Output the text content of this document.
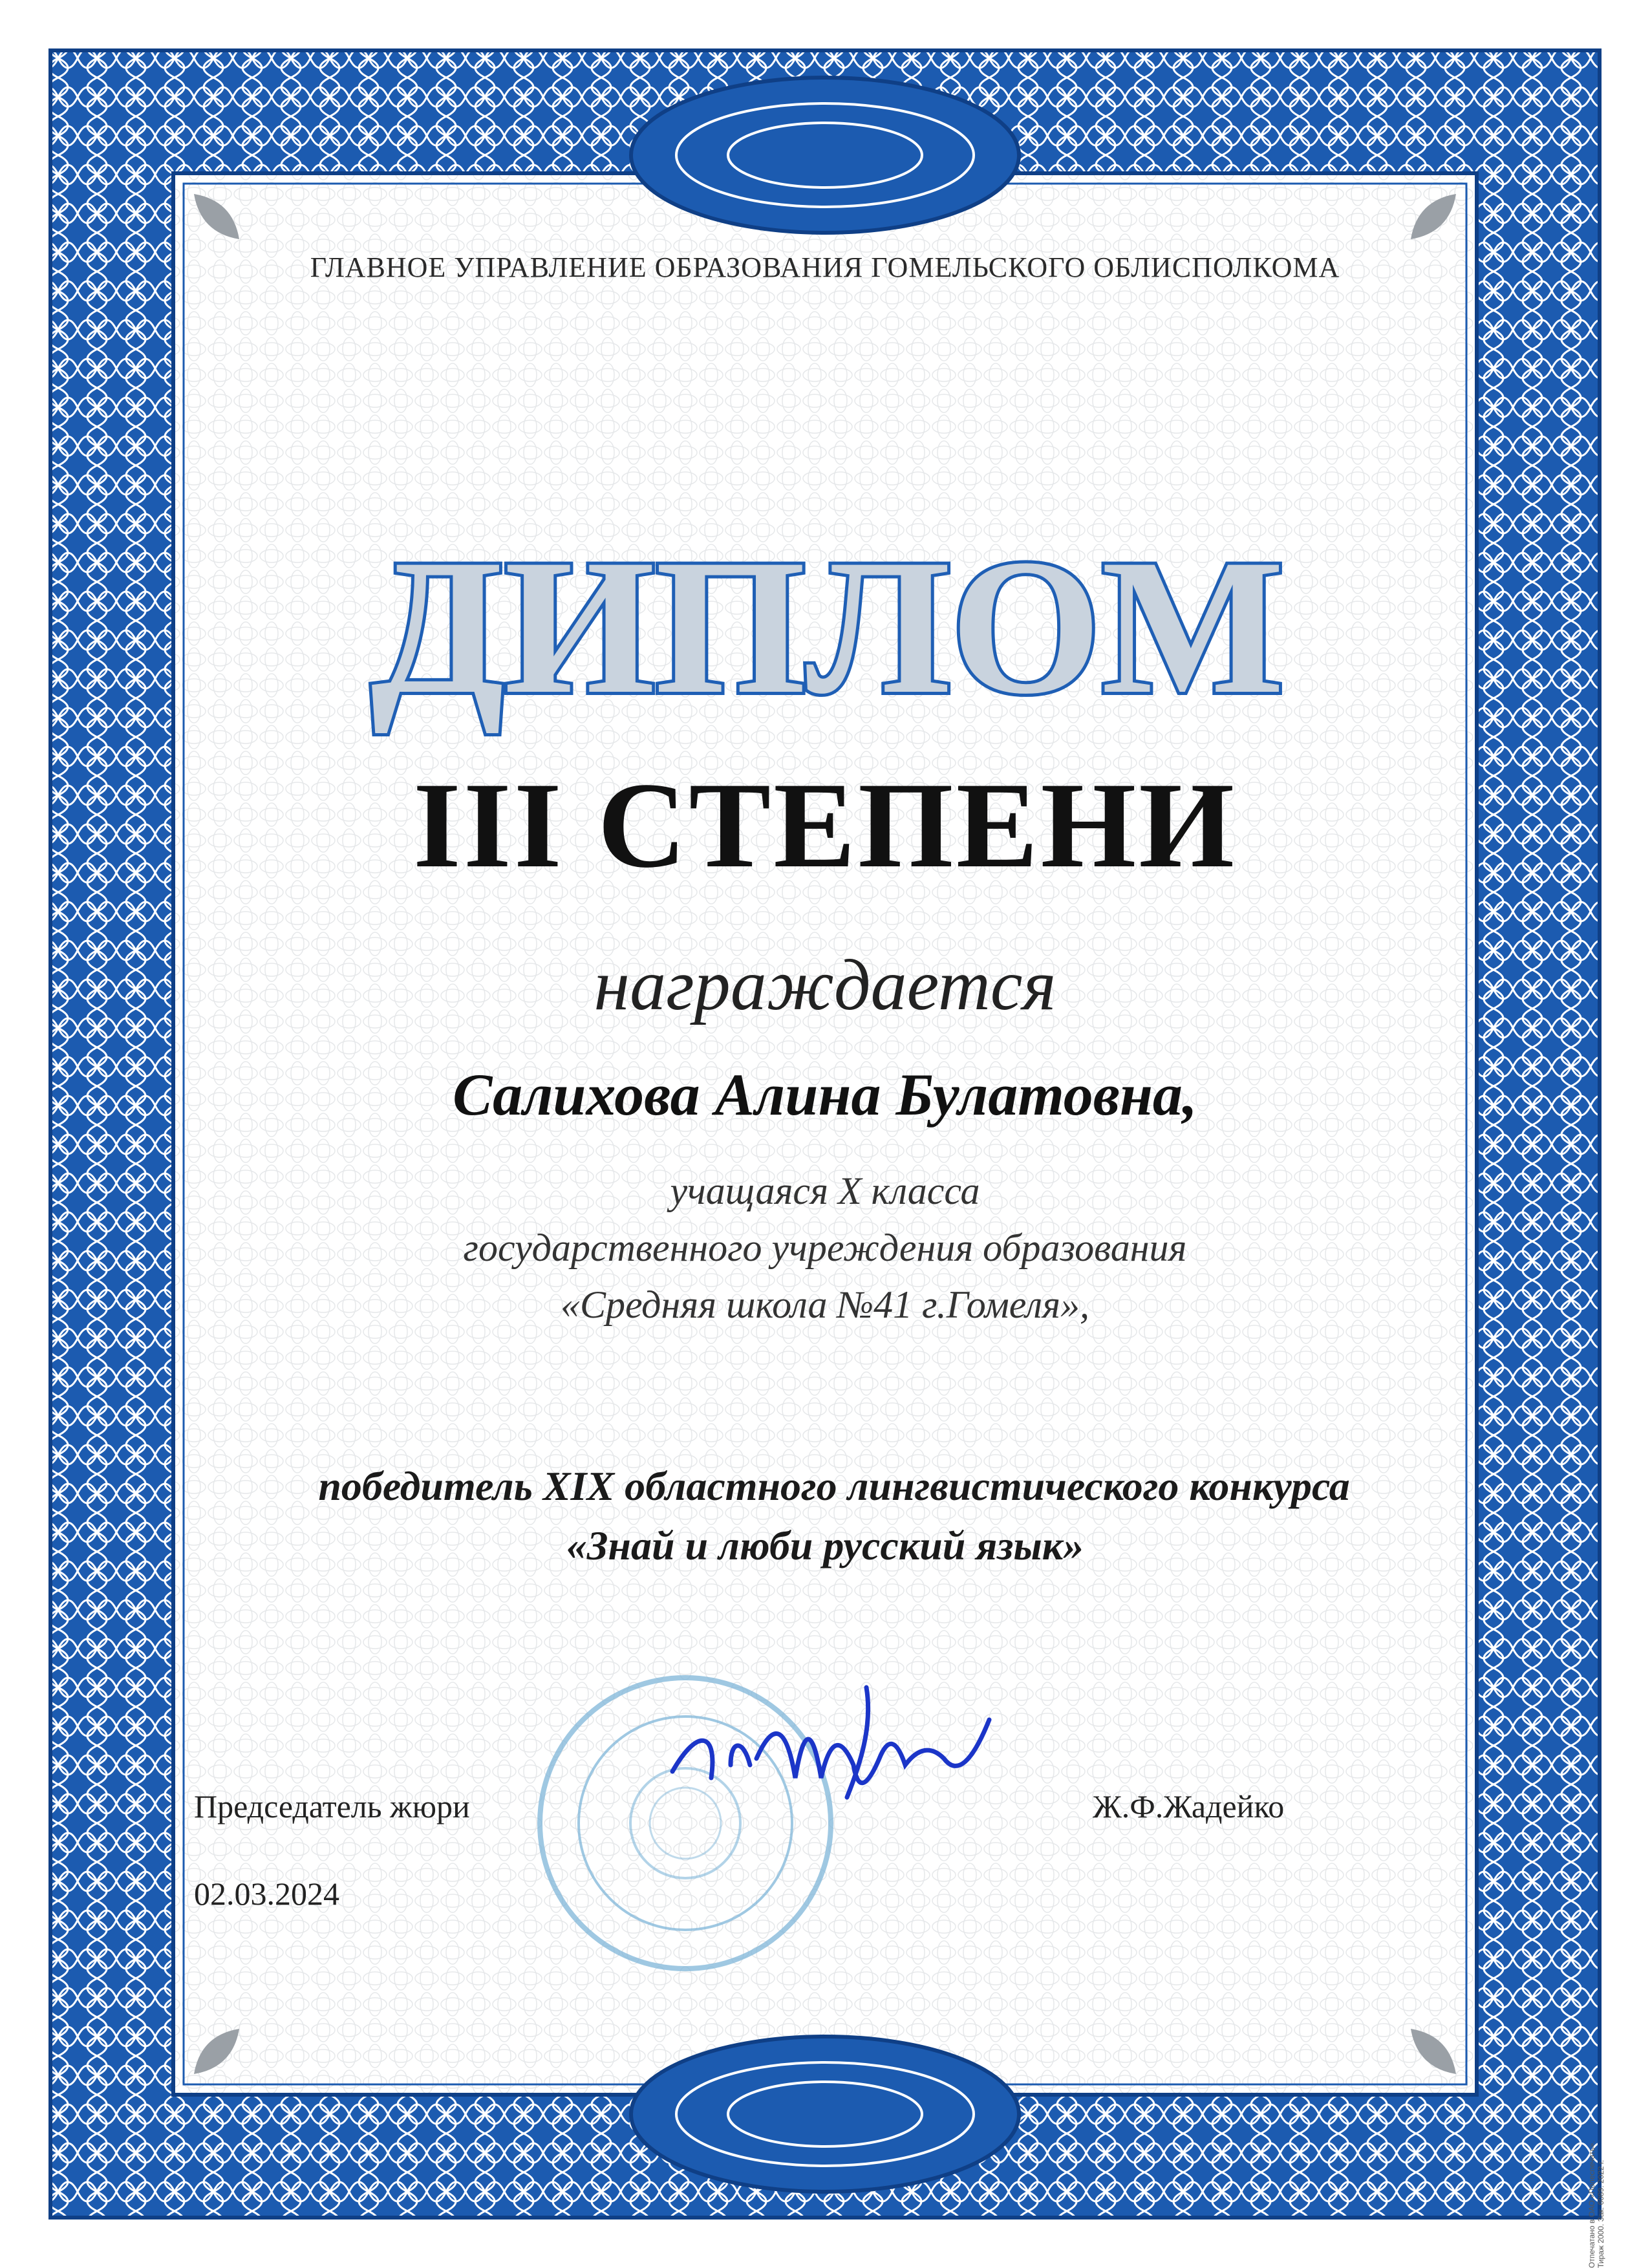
ГЛАВНОЕ УПРАВЛЕНИЕ ОБРАЗОВАНИЯ ГОМЕЛЬСКОГО ОБЛИСПОЛКОМА
ДИПЛОМ
III СТЕПЕНИ
награждается
Салихова Алина Булатовна,
учащаяся X класса
государственного учреждения образования
«Средняя школа №41 г.Гомеля»,
победитель XIX областного лингвистического конкурса
«Знай и люби русский язык»
Председатель жюри	Ж.Ф.Жадейко
02.03.2024
Отпечатано в ОАО «Полеспечать». Тираж 2000. Зак. 6089. 2022 г.
